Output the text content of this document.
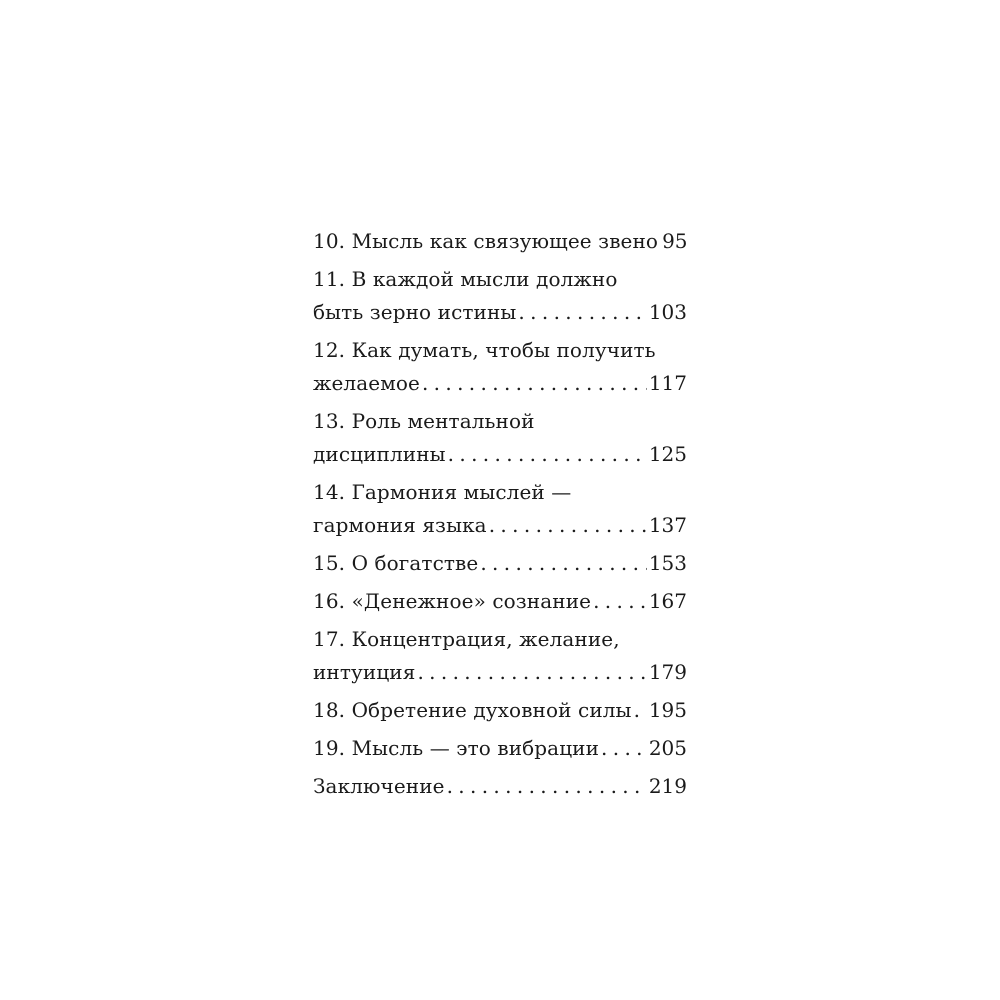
10. Мысль как связующее звено 95
11. В каждой мысли должно
быть зерно истины . . .	103
12. Как думать, чтобы получить
желаемое . . .	117
13. Роль ментальной
дисциплины . . .	125
14. Гармония мыслей —
гармония языка . . .	137
15. О богатстве . . .	153
16. «Денежное» сознание . . .	167
17. Концентрация, желание,
интуиция . . .	179
18. Обретение духовной силы . . . 195
19. Мысль — это вибрации . . . 205
Заключение . . .	219
